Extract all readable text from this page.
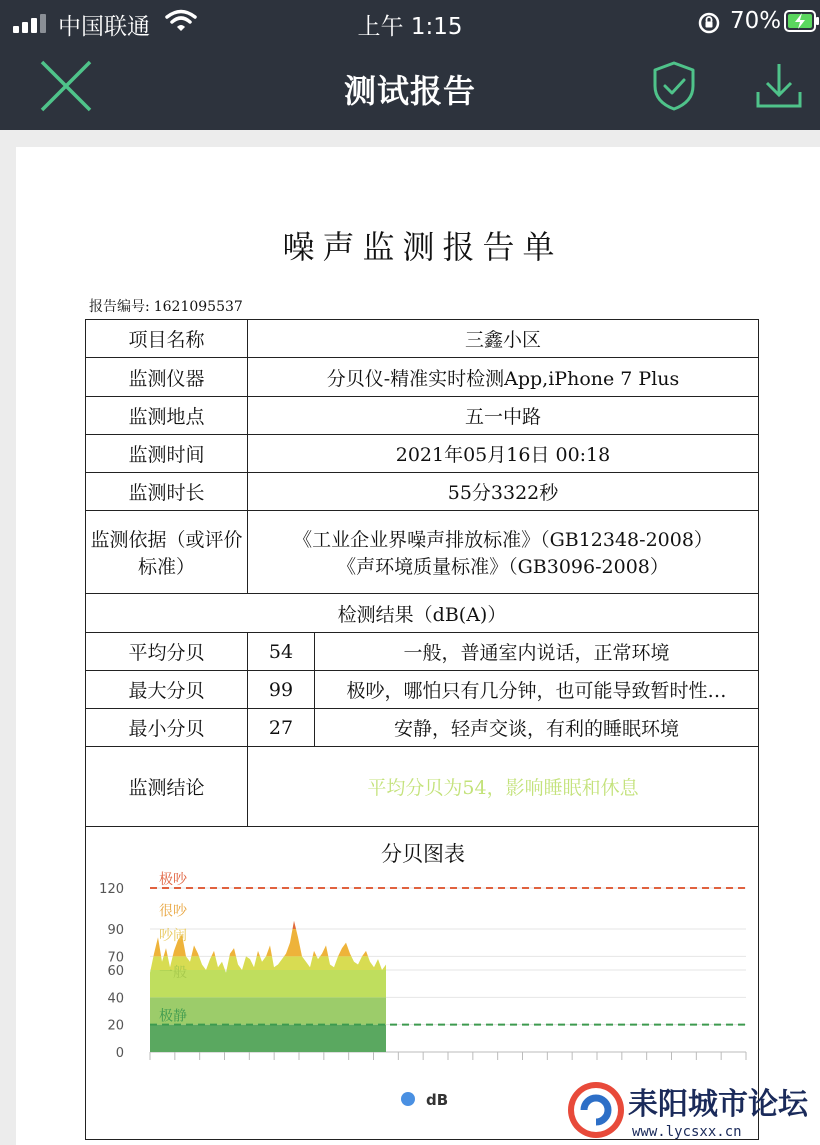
中国联通	上午 1:15	70%
测试报告
噪声监测报告单
报告编号: 1621095537
项目名称	三鑫小区	
监测仪器	分贝仪-精准实时检测App,iPhone 7 Plus	
监测地点	五一中路	
监测时间	2021年05月16日 00:18	
监测时长	55分3322秒	
监测依据（或评价标准）	《工业企业界噪声排放标准》（GB12348-2008）
《声环境质量标准》（GB3096-2008）	

检测结果（dB(A)）		
平均分贝	54	一般，普通室内说话，正常环境
最大分贝	99	极吵，哪怕只有几分钟，也可能导致暂时性…

最小分贝	27	安静，轻声交谈，有利的睡眠环境
监测结论	平均分贝为54，影响睡眠和休息	
分贝图表
0
20
40
60
70
90
120
极吵
极静
很吵
吵闹
一般
dB	耒阳城市论坛
www.lycsxx.cn
